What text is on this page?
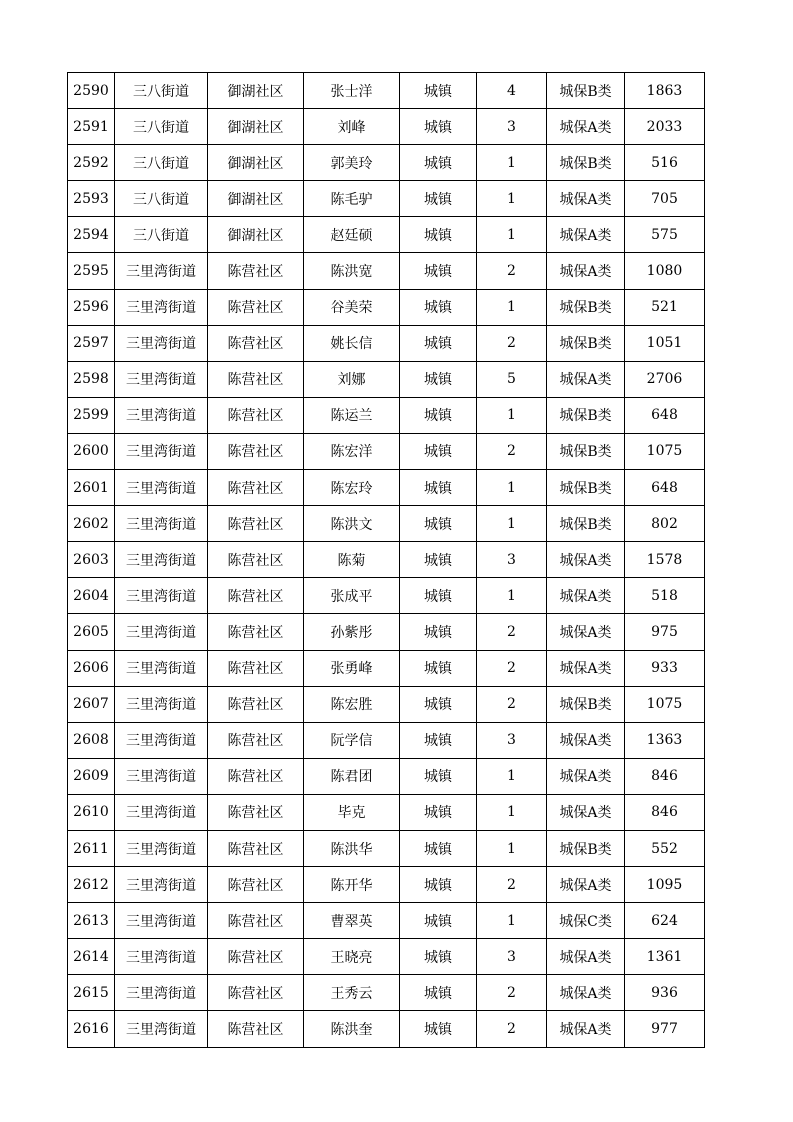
2590	三八街道	御湖社区	张士洋	城镇	4	城保B类	1863
2591	三八街道	御湖社区	刘峰	城镇	3	城保A类	2033
2592	三八街道	御湖社区	郭美玲	城镇	1	城保B类	516
2593	三八街道	御湖社区	陈毛驴	城镇	1	城保A类	705
2594	三八街道	御湖社区	赵廷硕	城镇	1	城保A类	575
2595	三里湾街道	陈营社区	陈洪宽	城镇	2	城保A类	1080
2596	三里湾街道	陈营社区	谷美荣	城镇	1	城保B类	521
2597	三里湾街道	陈营社区	姚长信	城镇	2	城保B类	1051
2598	三里湾街道	陈营社区	刘娜	城镇	5	城保A类	2706
2599	三里湾街道	陈营社区	陈运兰	城镇	1	城保B类	648
2600	三里湾街道	陈营社区	陈宏洋	城镇	2	城保B类	1075
2601	三里湾街道	陈营社区	陈宏玲	城镇	1	城保B类	648
2602	三里湾街道	陈营社区	陈洪文	城镇	1	城保B类	802
2603	三里湾街道	陈营社区	陈菊	城镇	3	城保A类	1578
2604	三里湾街道	陈营社区	张成平	城镇	1	城保A类	518
2605	三里湾街道	陈营社区	孙紫彤	城镇	2	城保A类	975
2606	三里湾街道	陈营社区	张勇峰	城镇	2	城保A类	933
2607	三里湾街道	陈营社区	陈宏胜	城镇	2	城保B类	1075
2608	三里湾街道	陈营社区	阮学信	城镇	3	城保A类	1363
2609	三里湾街道	陈营社区	陈君团	城镇	1	城保A类	846
2610	三里湾街道	陈营社区	毕克	城镇	1	城保A类	846
2611	三里湾街道	陈营社区	陈洪华	城镇	1	城保B类	552
2612	三里湾街道	陈营社区	陈开华	城镇	2	城保A类	1095
2613	三里湾街道	陈营社区	曹翠英	城镇	1	城保C类	624
2614	三里湾街道	陈营社区	王晓亮	城镇	3	城保A类	1361
2615	三里湾街道	陈营社区	王秀云	城镇	2	城保A类	936
2616	三里湾街道	陈营社区	陈洪奎	城镇	2	城保A类	977
